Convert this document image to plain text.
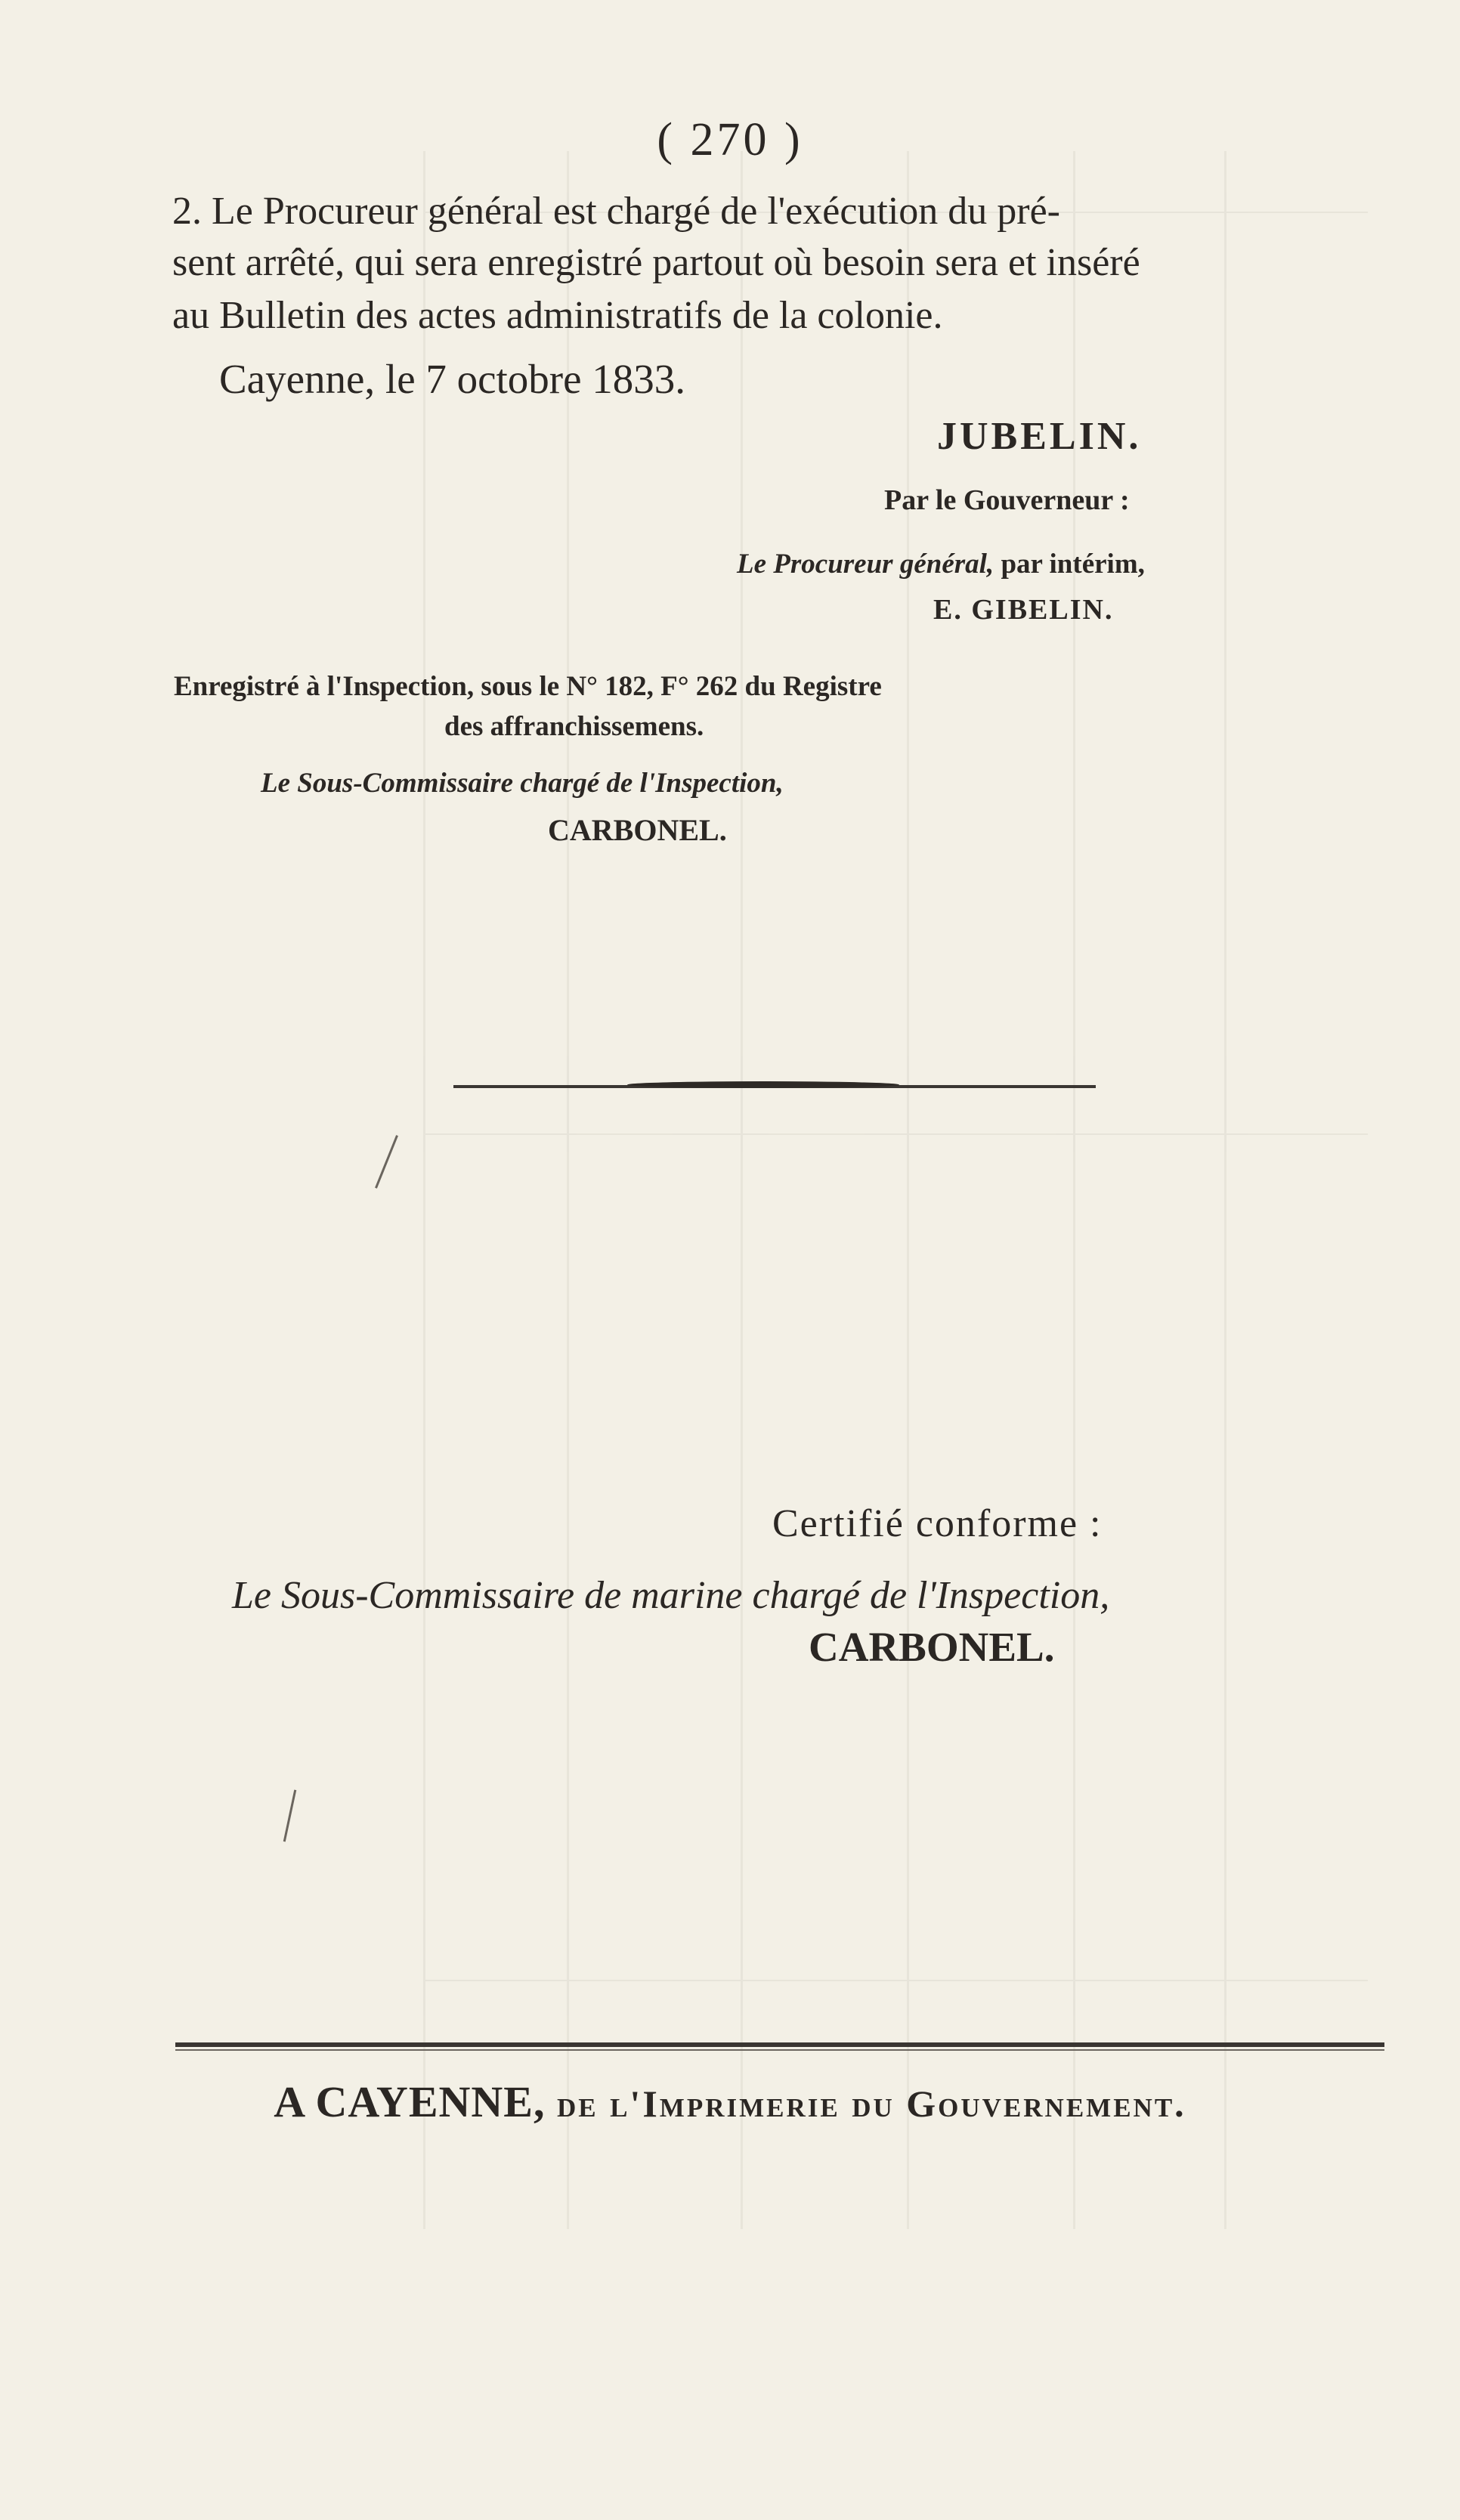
( 270 )
2. Le Procureur général est chargé de l'exécution du pré-
sent arrêté, qui sera enregistré partout où besoin sera et inséré
au Bulletin des actes administratifs de la colonie.
Cayenne, le 7 octobre 1833.
JUBELIN.
Par le Gouverneur :
Le Procureur général, par intérim,
E. GIBELIN.
Enregistré à l'Inspection, sous le N° 182, F° 262 du Registre
des affranchissemens.
Le Sous-Commissaire chargé de l'Inspection,
CARBONEL.
Certifié conforme :
Le Sous-Commissaire de marine chargé de l'Inspection,
CARBONEL.
A CAYENNE, de l'Imprimerie du Gouvernement.
